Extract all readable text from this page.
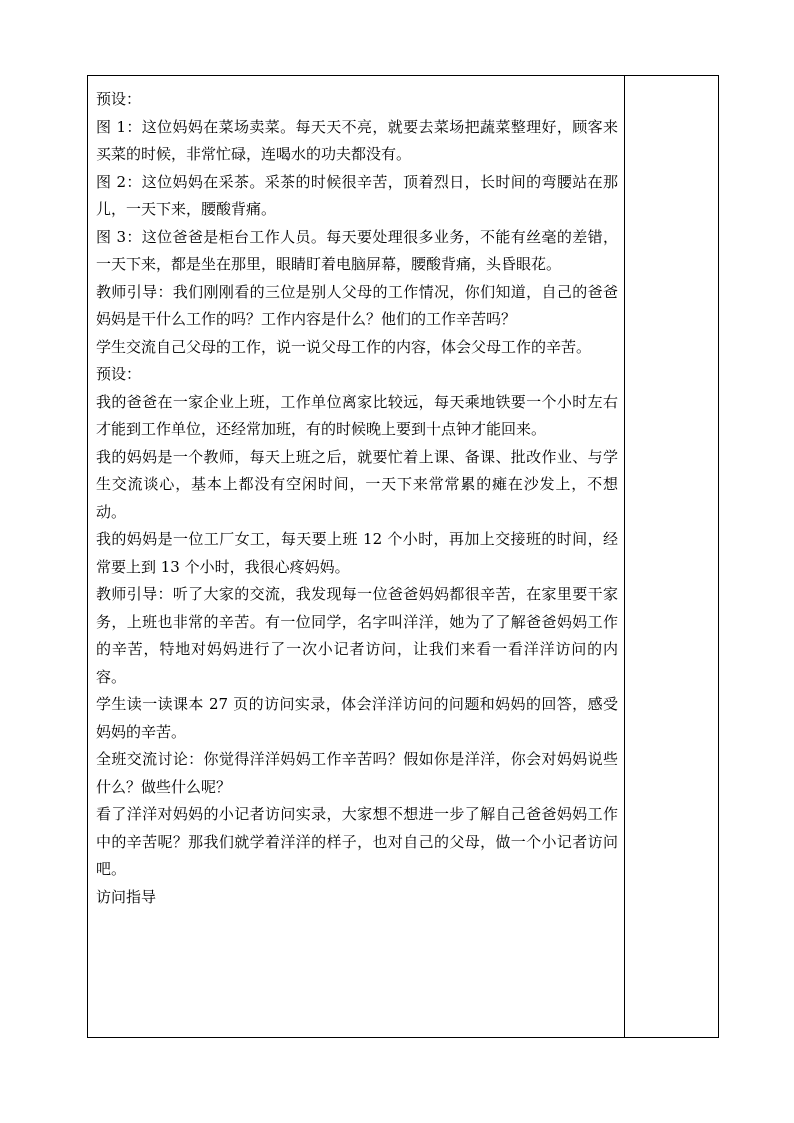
预设：

图 1：这位妈妈在菜场卖菜。每天天不亮，就要去菜场把蔬菜整理好，顾客来买菜的时候，非常忙碌，连喝水的功夫都没有。

图 2：这位妈妈在采茶。采茶的时候很辛苦，顶着烈日，长时间的弯腰站在那儿，一天下来，腰酸背痛。

图 3：这位爸爸是柜台工作人员。每天要处理很多业务，不能有丝毫的差错，一天下来，都是坐在那里，眼睛盯着电脑屏幕，腰酸背痛，头昏眼花。

教师引导：我们刚刚看的三位是别人父母的工作情况，你们知道，自己的爸爸妈妈是干什么工作的吗？工作内容是什么？他们的工作辛苦吗？

学生交流自己父母的工作，说一说父母工作的内容，体会父母工作的辛苦。

预设：

我的爸爸在一家企业上班，工作单位离家比较远，每天乘地铁要一个小时左右才能到工作单位，还经常加班，有的时候晚上要到十点钟才能回来。

我的妈妈是一个教师，每天上班之后，就要忙着上课、备课、批改作业、与学生交流谈心，基本上都没有空闲时间，一天下来常常累的瘫在沙发上，不想动。

我的妈妈是一位工厂女工，每天要上班 12 个小时，再加上交接班的时间，经常要上到 13 个小时，我很心疼妈妈。

教师引导：听了大家的交流，我发现每一位爸爸妈妈都很辛苦，在家里要干家务，上班也非常的辛苦。有一位同学，名字叫洋洋，她为了了解爸爸妈妈工作的辛苦，特地对妈妈进行了一次小记者访问，让我们来看一看洋洋访问的内容。

学生读一读课本 27 页的访问实录，体会洋洋访问的问题和妈妈的回答，感受妈妈的辛苦。

全班交流讨论：你觉得洋洋妈妈工作辛苦吗？假如你是洋洋，你会对妈妈说些什么？做些什么呢？

看了洋洋对妈妈的小记者访问实录，大家想不想进一步了解自己爸爸妈妈工作中的辛苦呢？那我们就学着洋洋的样子，也对自己的父母，做一个小记者访问吧。

访问指导
